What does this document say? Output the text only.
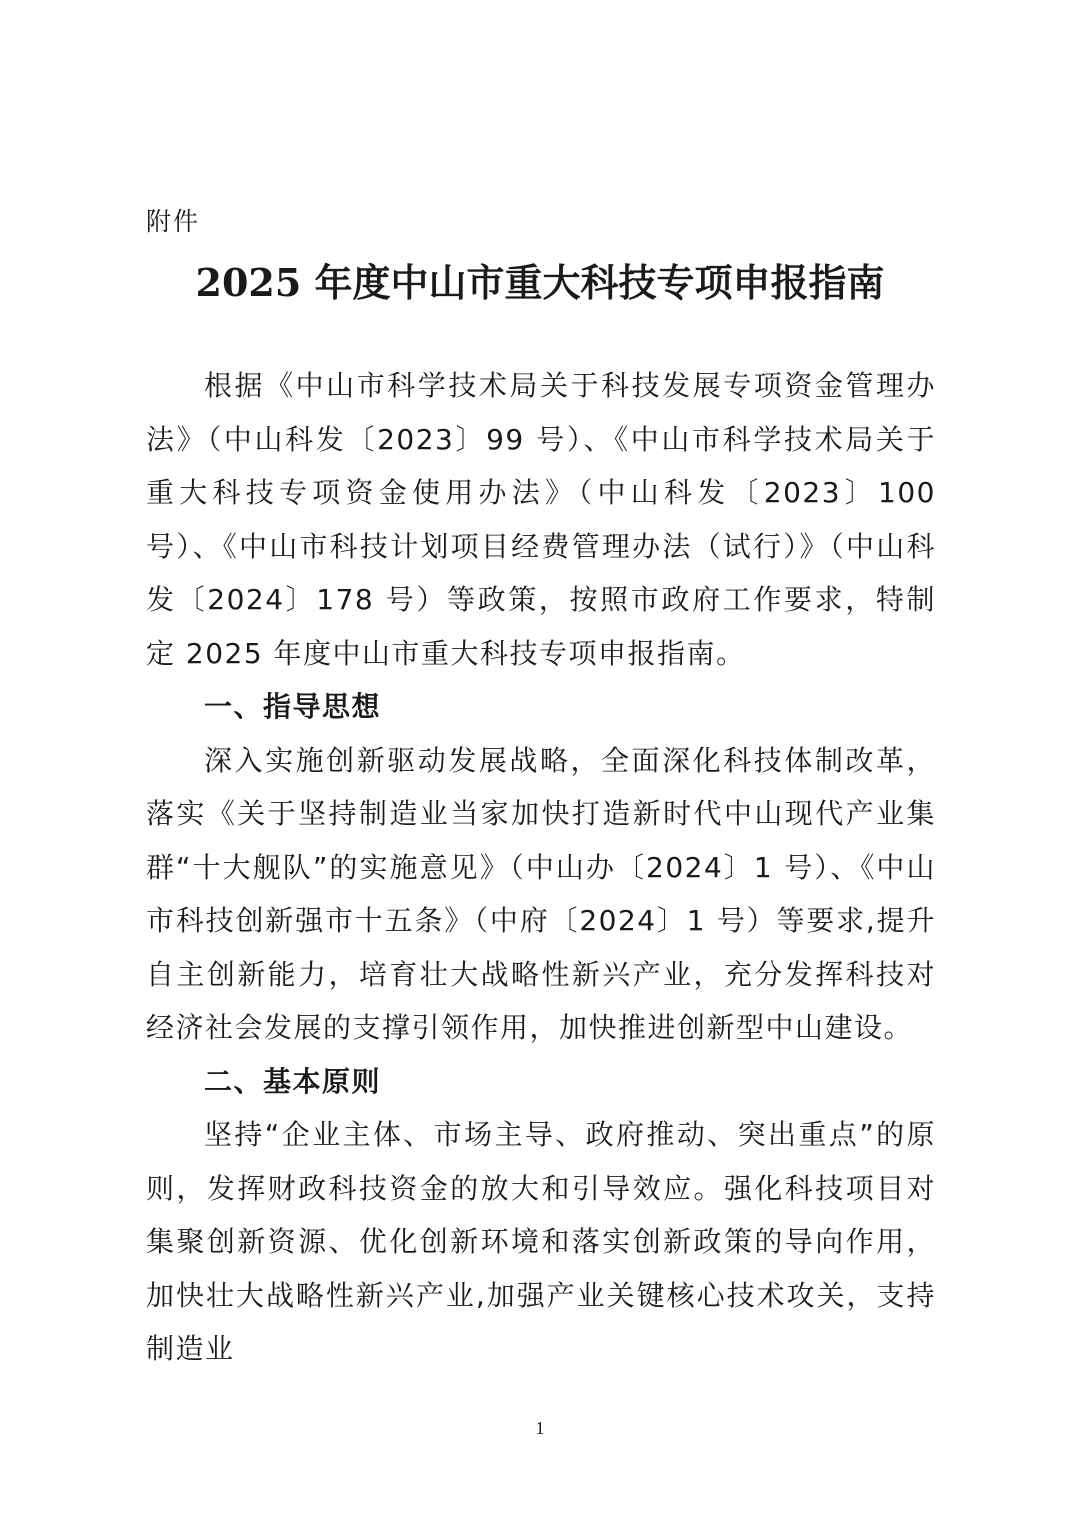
附件
2025 年度中山市重大科技专项申报指南

根据《中山市科学技术局关于科技发展专项资金管理办法》（中山科发〔2023〕99 号）、《中山市科学技术局关于重大科技专项资金使用办法》（中山科发〔2023〕100 号）、《中山市科技计划项目经费管理办法（试行）》（中山科发〔2024〕178 号）等政策，按照市政府工作要求，特制定 2025 年度中山市重大科技专项申报指南。

一、指导思想

深入实施创新驱动发展战略，全面深化科技体制改革，落实《关于坚持制造业当家加快打造新时代中山现代产业集群“十大舰队”的实施意见》（中山办〔2024〕1 号）、《中山市科技创新强市十五条》（中府〔2024〕1 号）等要求,提升自主创新能力，培育壮大战略性新兴产业，充分发挥科技对经济社会发展的支撑引领作用，加快推进创新型中山建设。

二、基本原则

坚持“企业主体、市场主导、政府推动、突出重点”的原则，发挥财政科技资金的放大和引导效应。强化科技项目对集聚创新资源、优化创新环境和落实创新政策的导向作用，加快壮大战略性新兴产业,加强产业关键核心技术攻关，支持制造业

1
